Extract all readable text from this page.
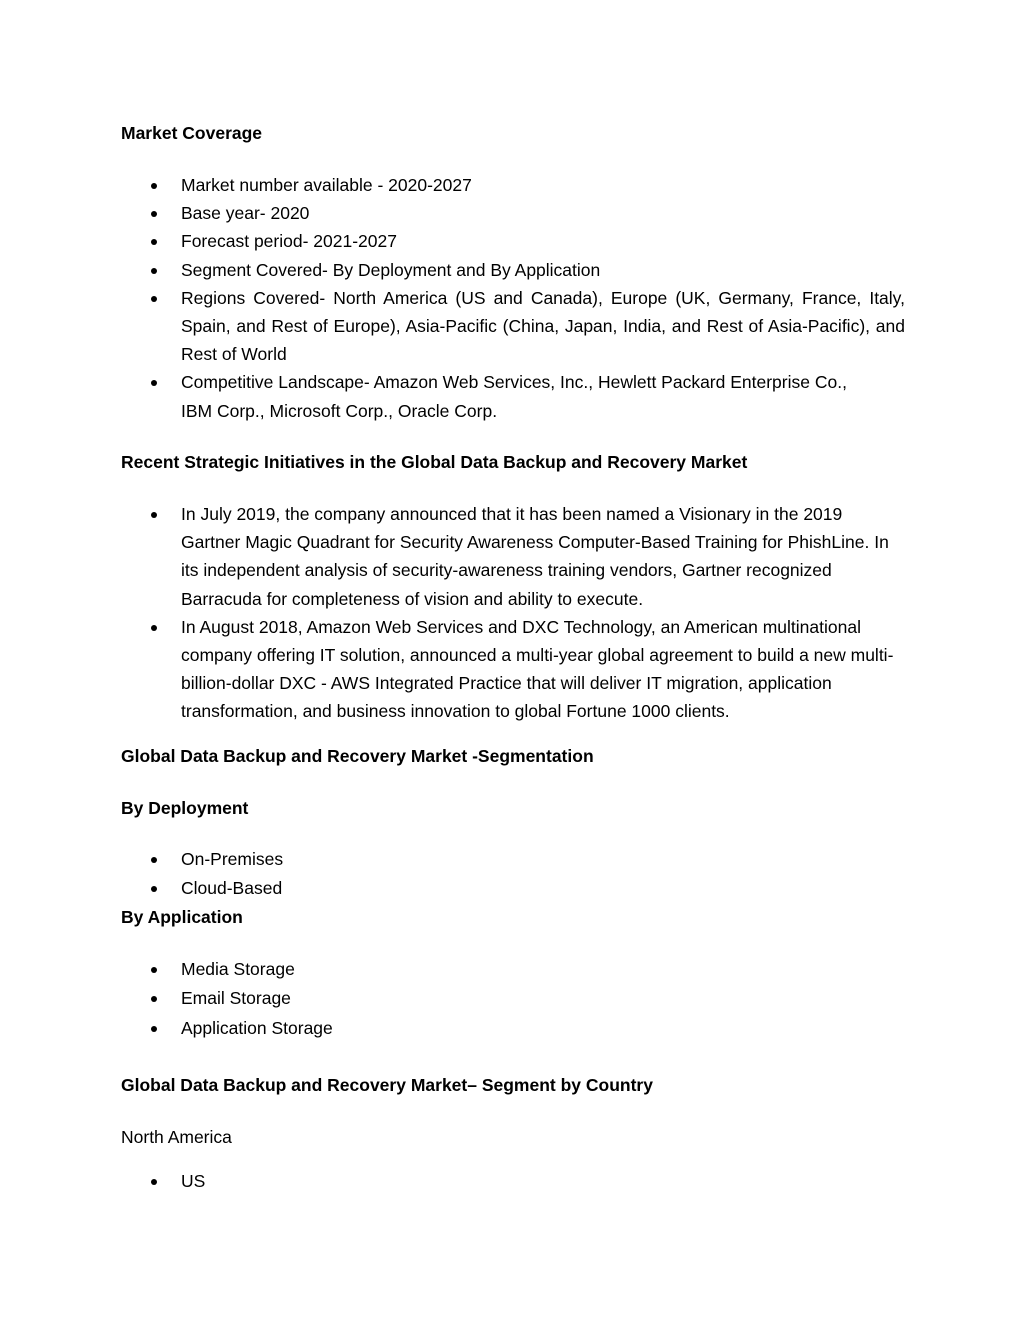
Market Coverage

Market number available - 2020-2027
Base year- 2020
Forecast period- 2021-2027
Segment Covered- By Deployment and By Application
Regions Covered- North America (US and Canada), Europe (UK, Germany, France, Italy, Spain, and Rest of Europe), Asia-Pacific (China, Japan, India, and Rest of Asia-Pacific), and Rest of World
Competitive Landscape- Amazon Web Services, Inc., Hewlett Packard Enterprise Co., IBM Corp., Microsoft Corp., Oracle Corp.

Recent Strategic Initiatives in the Global Data Backup and Recovery Market

In July 2019, the company announced that it has been named a Visionary in the 2019 Gartner Magic Quadrant for Security Awareness Computer-Based Training for PhishLine. In its independent analysis of security-awareness training vendors, Gartner recognized Barracuda for completeness of vision and ability to execute.
In August 2018, Amazon Web Services and DXC Technology, an American multinational company offering IT solution, announced a multi-year global agreement to build a new multi-billion-dollar DXC - AWS Integrated Practice that will deliver IT migration, application transformation, and business innovation to global Fortune 1000 clients.

Global Data Backup and Recovery Market -Segmentation

By Deployment

On-Premises
Cloud-Based

By Application

Media Storage
Email Storage
Application Storage

Global Data Backup and Recovery Market– Segment by Country

North America

US
